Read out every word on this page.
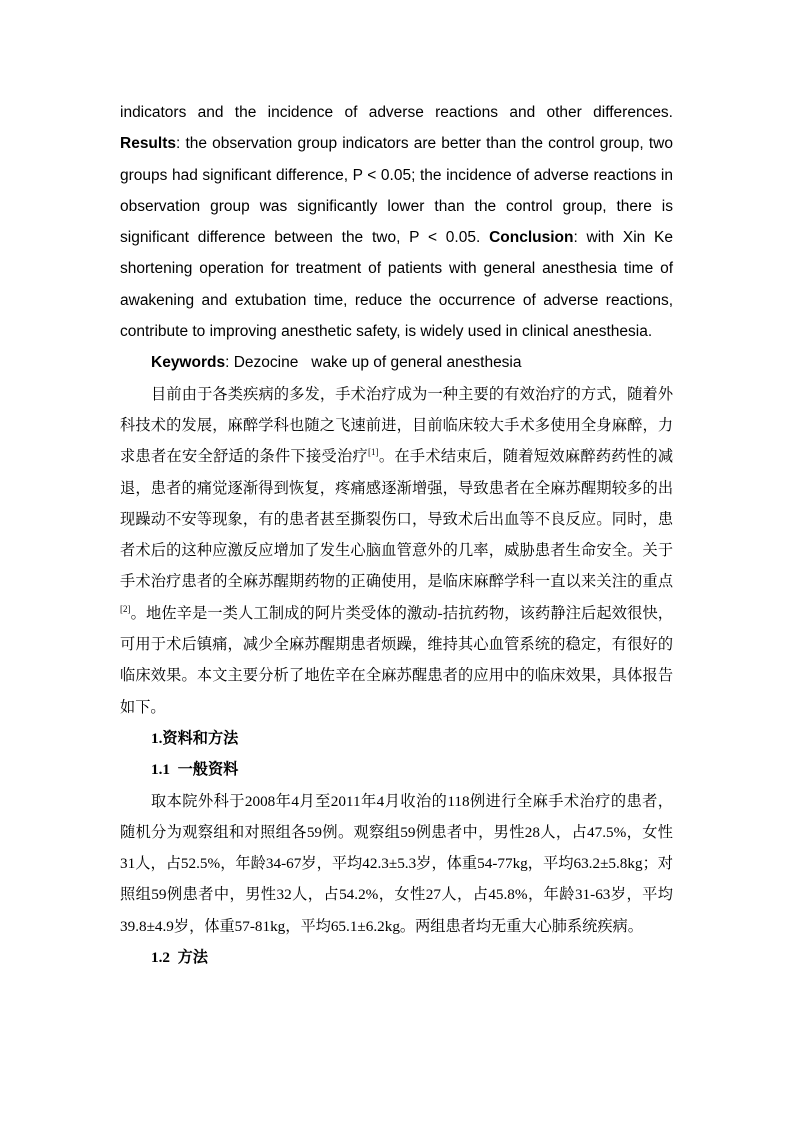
indicators and the incidence of adverse reactions and other differences.
Results: the observation group indicators are better than the control group, two groups had significant difference, P < 0.05; the incidence of adverse reactions in observation group was significantly lower than the control group, there is significant difference between the two, P < 0.05. Conclusion: with Xin Ke shortening operation for treatment of patients with general anesthesia time of awakening and extubation time, reduce the occurrence of adverse reactions, contribute to improving anesthetic safety, is widely used in clinical anesthesia.
Keywords: Dezocine   wake up of general anesthesia

目前由于各类疾病的多发，手术治疗成为一种主要的有效治疗的方式，随着外科技术的发展，麻醉学科也随之飞速前进，目前临床较大手术多使用全身麻醉，力求患者在安全舒适的条件下接受治疗[1]。在手术结束后，随着短效麻醉药药性的减退，患者的痛觉逐渐得到恢复，疼痛感逐渐增强，导致患者在全麻苏醒期较多的出现躁动不安等现象，有的患者甚至撕裂伤口，导致术后出血等不良反应。同时，患者术后的这种应激反应增加了发生心脑血管意外的几率，威胁患者生命安全。关于手术治疗患者的全麻苏醒期药物的正确使用，是临床麻醉学科一直以来关注的重点[2]。地佐辛是一类人工制成的阿片类受体的激动-拮抗药物，该药静注后起效很快，可用于术后镇痛，减少全麻苏醒期患者烦躁，维持其心血管系统的稳定，有很好的临床效果。本文主要分析了地佐辛在全麻苏醒患者的应用中的临床效果，具体报告如下。

1.资料和方法
1.1 一般资料

取本院外科于2008年4月至2011年4月收治的118例进行全麻手术治疗的患者，随机分为观察组和对照组各59例。观察组59例患者中，男性28人，占47.5%，女性31人，占52.5%，年龄34-67岁，平均42.3±5.3岁，体重54-77kg，平均63.2±5.8kg；对照组59例患者中，男性32人，占54.2%，女性27人，占45.8%，年龄31-63岁，平均39.8±4.9岁，体重57-81kg，平均65.1±6.2kg。两组患者均无重大心肺系统疾病。

1.2 方法
